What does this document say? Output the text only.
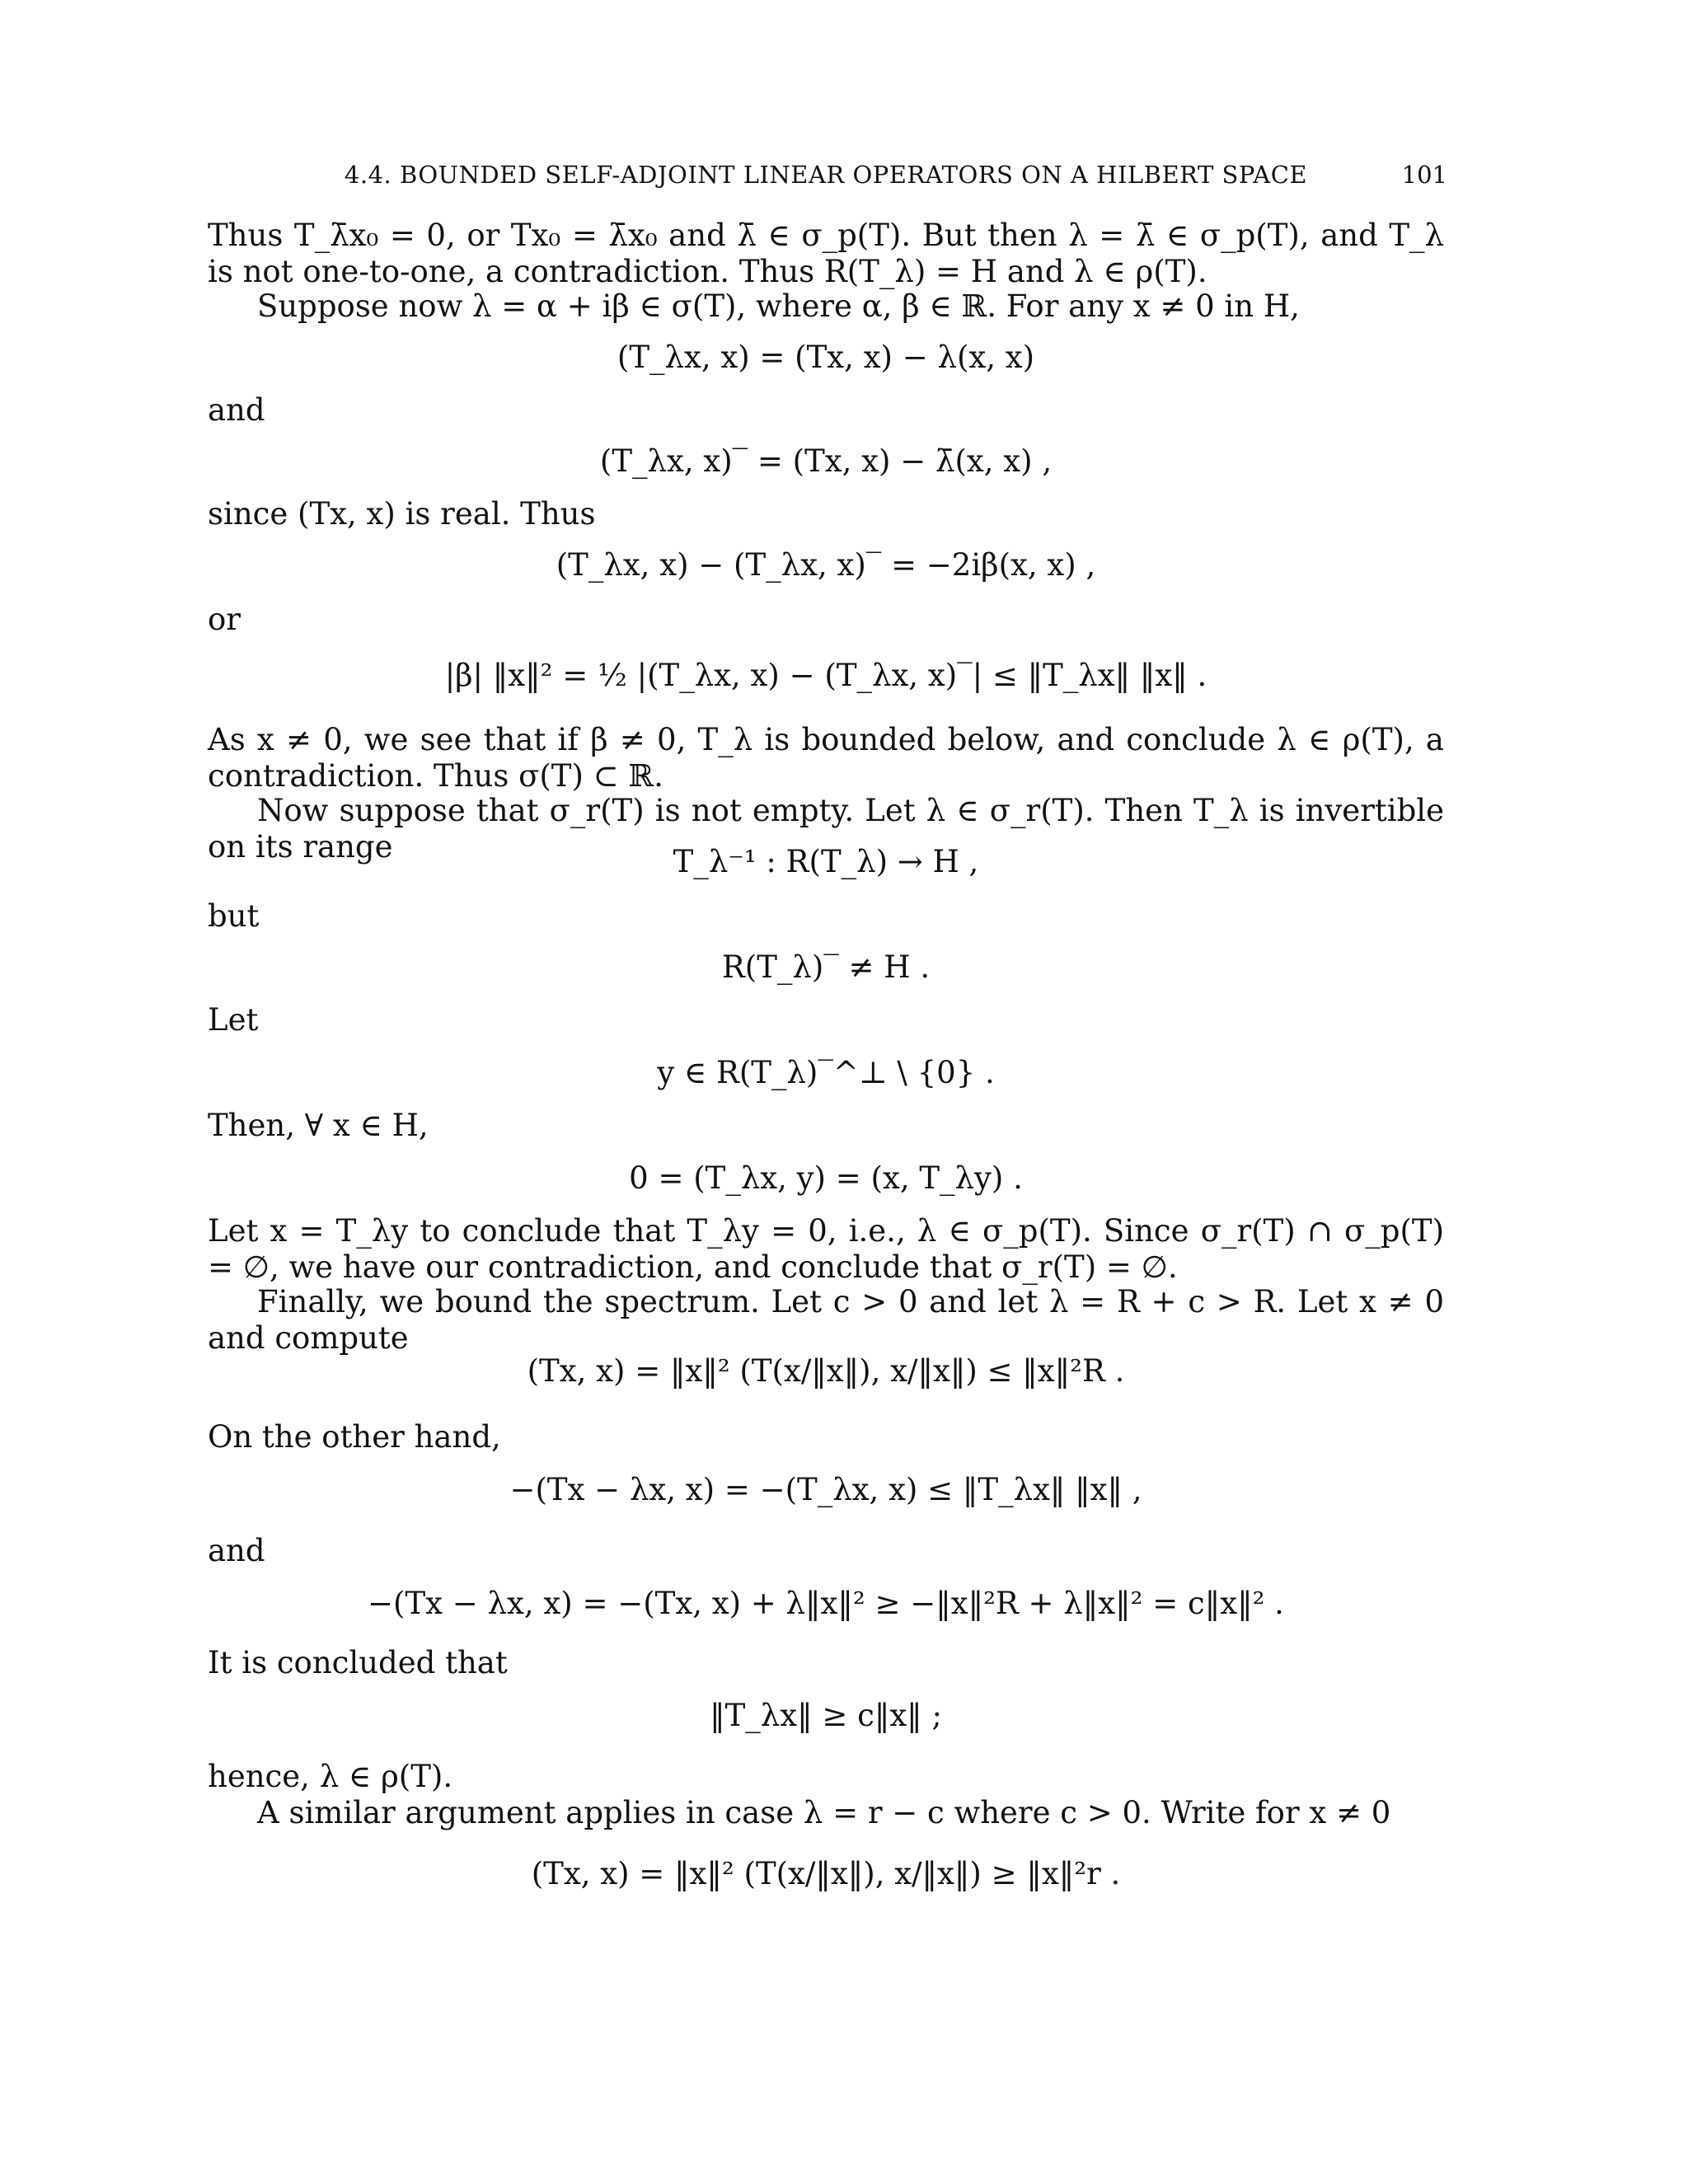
4.4. BOUNDED SELF-ADJOINT LINEAR OPERATORS ON A HILBERT SPACE	101

Thus T_λ̄x₀ = 0, or Tx₀ = λ̄x₀ and λ̄ ∈ σ_p(T). But then λ = λ̄ ∈ σ_p(T), and T_λ is not one-to-one, a contradiction. Thus R(T_λ) = H and λ ∈ ρ(T).

Suppose now λ = α + iβ ∈ σ(T), where α, β ∈ ℝ. For any x ≠ 0 in H,

(T_λx, x) = (Tx, x) − λ(x, x)
and
(T_λx, x)‾ = (Tx, x) − λ̄(x, x) ,
since (Tx, x) is real. Thus
(T_λx, x) − (T_λx, x)‾ = −2iβ(x, x) ,
or
|β| ‖x‖² = ½ |(T_λx, x) − (T_λx, x)‾| ≤ ‖T_λx‖ ‖x‖ .

As x ≠ 0, we see that if β ≠ 0, T_λ is bounded below, and conclude λ ∈ ρ(T), a contradiction. Thus σ(T) ⊂ ℝ.

Now suppose that σ_r(T) is not empty. Let λ ∈ σ_r(T). Then T_λ is invertible on its range	T_λ⁻¹ : R(T_λ) → H ,
but
R(T_λ)‾ ≠ H .
Let
y ∈ R(T_λ)‾^⊥ \ {0} .
Then, ∀ x ∈ H,
0 = (T_λx, y) = (x, T_λy) .

Let x = T_λy to conclude that T_λy = 0, i.e., λ ∈ σ_p(T). Since σ_r(T) ∩ σ_p(T) = ∅, we have our contradiction, and conclude that σ_r(T) = ∅.

Finally, we bound the spectrum. Let c > 0 and let λ = R + c > R. Let x ≠ 0 and compute

(Tx, x) = ‖x‖² (T(x/‖x‖), x/‖x‖) ≤ ‖x‖²R .
On the other hand,
−(Tx − λx, x) = −(T_λx, x) ≤ ‖T_λx‖ ‖x‖ ,
and
−(Tx − λx, x) = −(Tx, x) + λ‖x‖² ≥ −‖x‖²R + λ‖x‖² = c‖x‖² .
It is concluded that
‖T_λx‖ ≥ c‖x‖ ;
hence, λ ∈ ρ(T).

A similar argument applies in case λ = r − c where c > 0. Write for x ≠ 0

(Tx, x) = ‖x‖² (T(x/‖x‖), x/‖x‖) ≥ ‖x‖²r .
